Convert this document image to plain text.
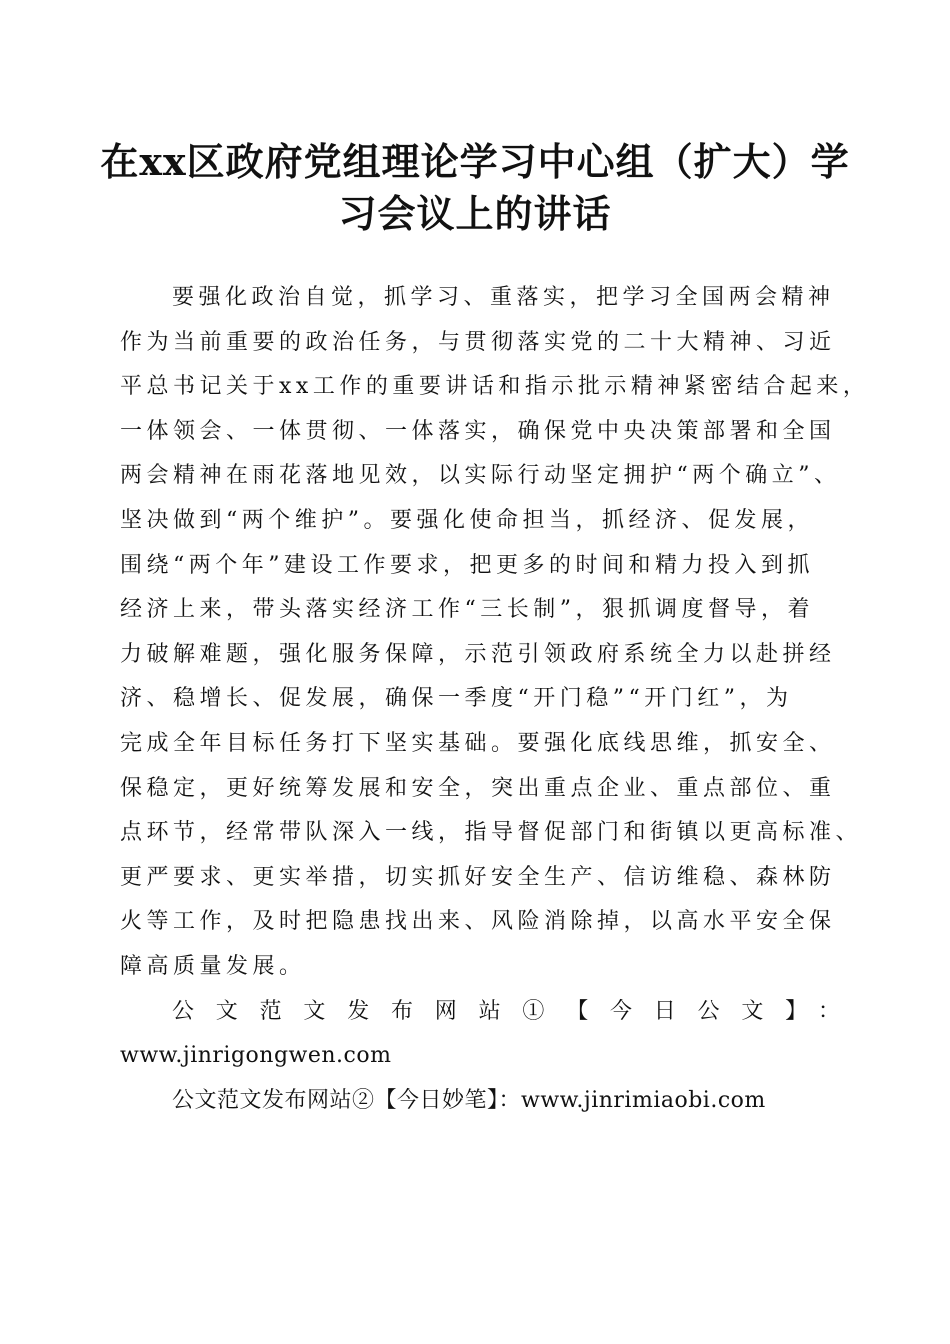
在xx区政府党组理论学习中心组（扩大）学
习会议上的讲话
要强化政治自觉，抓学习、重落实，把学习全国两会精神
作为当前重要的政治任务，与贯彻落实党的二十大精神、习近
平总书记关于xx工作的重要讲话和指示批示精神紧密结合起来，
一体领会、一体贯彻、一体落实，确保党中央决策部署和全国
两会精神在雨花落地见效，以实际行动坚定拥护“两个确立”、
坚决做到“两个维护”。要强化使命担当，抓经济、促发展，
围绕“两个年”建设工作要求，把更多的时间和精力投入到抓
经济上来，带头落实经济工作“三长制”，狠抓调度督导，着
力破解难题，强化服务保障，示范引领政府系统全力以赴拼经
济、稳增长、促发展，确保一季度“开门稳”“开门红”，为
完成全年目标任务打下坚实基础。要强化底线思维，抓安全、
保稳定，更好统筹发展和安全，突出重点企业、重点部位、重
点环节，经常带队深入一线，指导督促部门和街镇以更高标准、
更严要求、更实举措，切实抓好安全生产、信访维稳、森林防
火等工作，及时把隐患找出来、风险消除掉，以高水平安全保
障高质量发展。
公文范文发布网站①【今日公文】：
www.jinrigongwen.com
公文范文发布网站②【今日妙笔】：www.jinrimiaobi.com
